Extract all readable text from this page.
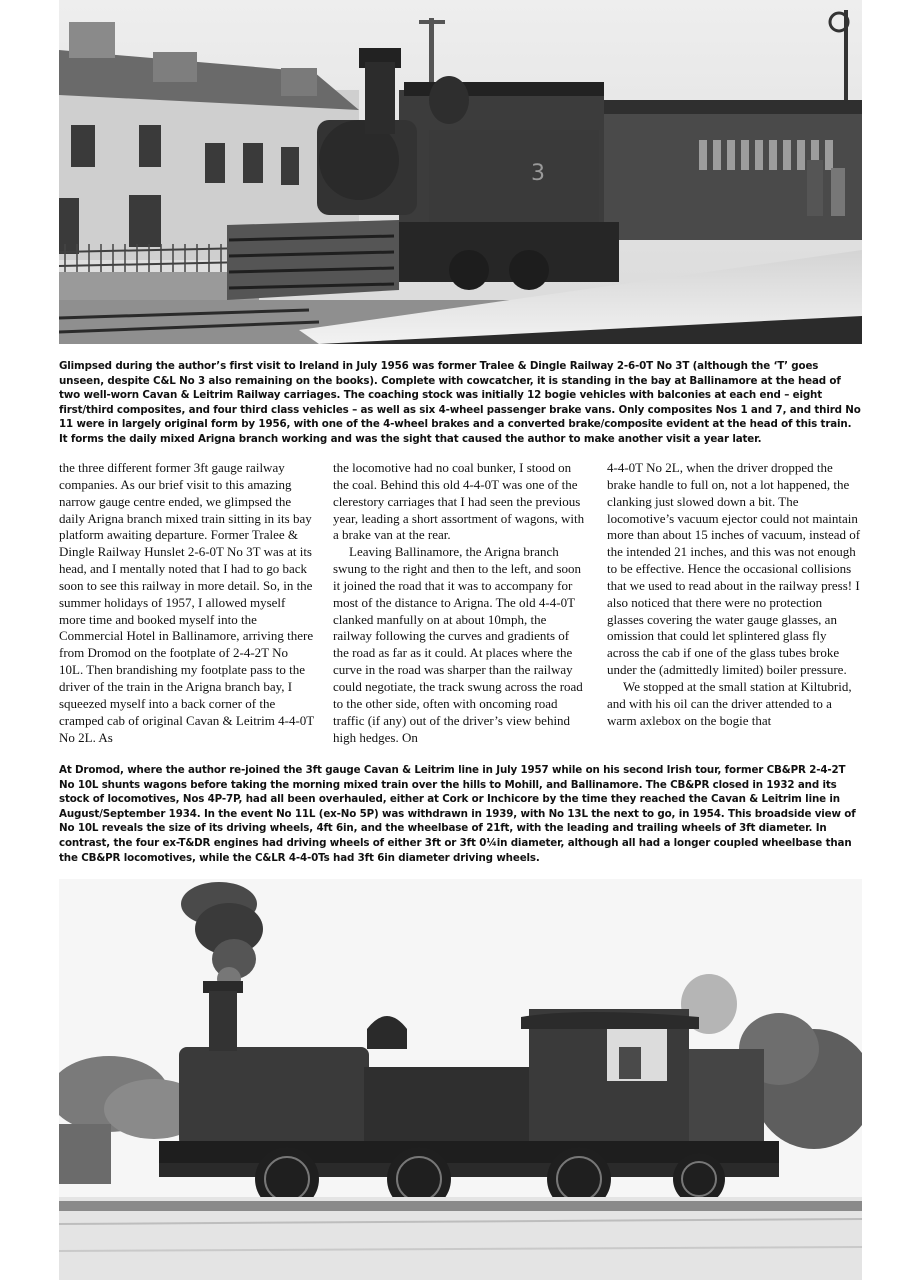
3

Glimpsed during the author’s first visit to Ireland in July 1956 was former Tralee & Dingle Railway 2-6-0T No 3T (although the ‘T’ goes unseen, despite C&L No 3 also remaining on the books). Complete with cowcatcher, it is standing in the bay at Ballinamore at the head of two well-worn Cavan & Leitrim Railway carriages. The coaching stock was initially 12 bogie vehicles with balconies at each end – eight first/third composites, and four third class vehicles – as well as six 4-wheel passenger brake vans. Only composites Nos 1 and 7, and third No 11 were in largely original form by 1956, with one of the 4-wheel brakes and a converted brake/composite evident at the head of this train. It forms the daily mixed Arigna branch working and was the sight that caused the author to make another visit a year later.

the three different former 3ft gauge railway companies. As our brief visit to this amazing narrow gauge centre ended, we glimpsed the daily Arigna branch mixed train sitting in its bay platform awaiting departure. Former Tralee & Dingle Railway Hunslet 2-6-0T No 3T was at its head, and I mentally noted that I had to go back soon to see this railway in more detail. So, in the summer holidays of 1957, I allowed myself more time and booked myself into the Commercial Hotel in Ballinamore, arriving there from Dromod on the footplate of 2-4-2T No 10L. Then brandishing my footplate pass to the driver of the train in the Arigna branch bay, I squeezed myself into a back corner of the cramped cab of original Cavan & Leitrim 4-4-0T No 2L. As

the locomotive had no coal bunker, I stood on the coal. Behind this old 4-4-0T was one of the clerestory carriages that I had seen the previous year, leading a short assortment of wagons, with a brake van at the rear.

Leaving Ballinamore, the Arigna branch swung to the right and then to the left, and soon it joined the road that it was to accompany for most of the distance to Arigna. The old 4-4-0T clanked manfully on at about 10mph, the railway following the curves and gradients of the road as far as it could. At places where the curve in the road was sharper than the railway could negotiate, the track swung across the road to the other side, often with oncoming road traffic (if any) out of the driver’s view behind high hedges. On

4-4-0T No 2L, when the driver dropped the brake handle to full on, not a lot happened, the clanking just slowed down a bit. The locomotive’s vacuum ejector could not maintain more than about 15 inches of vacuum, instead of the intended 21 inches, and this was not enough to be effective. Hence the occasional collisions that we used to read about in the railway press! I also noticed that there were no protection glasses covering the water gauge glasses, an omission that could let splintered glass fly across the cab if one of the glass tubes broke under the (admittedly limited) boiler pressure.

We stopped at the small station at Kiltubrid, and with his oil can the driver attended to a warm axlebox on the bogie that

At Dromod, where the author re-joined the 3ft gauge Cavan & Leitrim line in July 1957 while on his second Irish tour, former CB&PR 2-4-2T No 10L shunts wagons before taking the morning mixed train over the hills to Mohill, and Ballinamore. The CB&PR closed in 1932 and its stock of locomotives, Nos 4P-7P, had all been overhauled, either at Cork or Inchicore by the time they reached the Cavan & Leitrim line in August/September 1934. In the event No 11L (ex-No 5P) was withdrawn in 1939, with No 13L the next to go, in 1954. This broadside view of No 10L reveals the size of its driving wheels, 4ft 6in, and the wheelbase of 21ft, with the leading and trailing wheels of 3ft diameter. In contrast, the four ex-T&DR engines had driving wheels of either 3ft or 3ft 0¼in diameter, although all had a longer coupled wheelbase than the CB&PR locomotives, while the C&LR 4-4-0Ts had 3ft 6in diameter driving wheels.
